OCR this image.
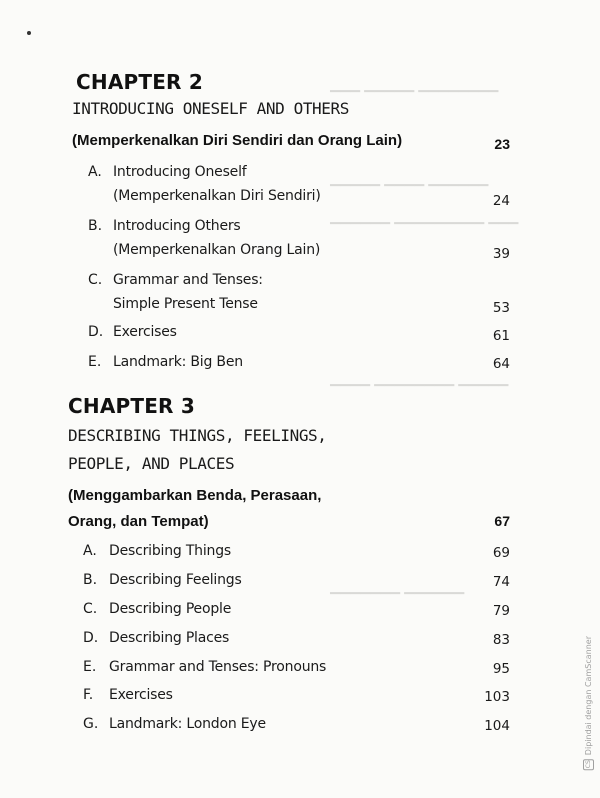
▁▁▁ ▁▁▁▁▁ ▁▁▁▁▁▁▁▁
▁▁▁▁▁ ▁▁▁▁ ▁▁▁▁▁▁
▁▁▁▁▁▁ ▁▁▁▁▁▁▁▁▁ ▁▁▁
▁▁▁▁ ▁▁▁▁▁▁▁▁ ▁▁▁▁▁
▁▁▁▁▁▁▁ ▁▁▁▁▁▁
CHAPTER 2
INTRODUCING ONESELF AND OTHERS
(Memperkenalkan Diri Sendiri dan Orang Lain)	23
A. Introducing Oneself
(Memperkenalkan Diri Sendiri)	24
B. Introducing Others
(Memperkenalkan Orang Lain)	39
C. Grammar and Tenses:
Simple Present Tense	53
D. Exercises	61
E. Landmark: Big Ben	64
CHAPTER 3
DESCRIBING THINGS, FEELINGS,
PEOPLE, AND PLACES
(Menggambarkan Benda, Perasaan,
Orang, dan Tempat)	67
A. Describing Things	69
B. Describing Feelings	74
C. Describing People	79
D. Describing Places	83
E. Grammar and Tenses: Pronouns	95
F. Exercises	103
G. Landmark: London Eye	104
CS
Dipindai dengan CamScanner
